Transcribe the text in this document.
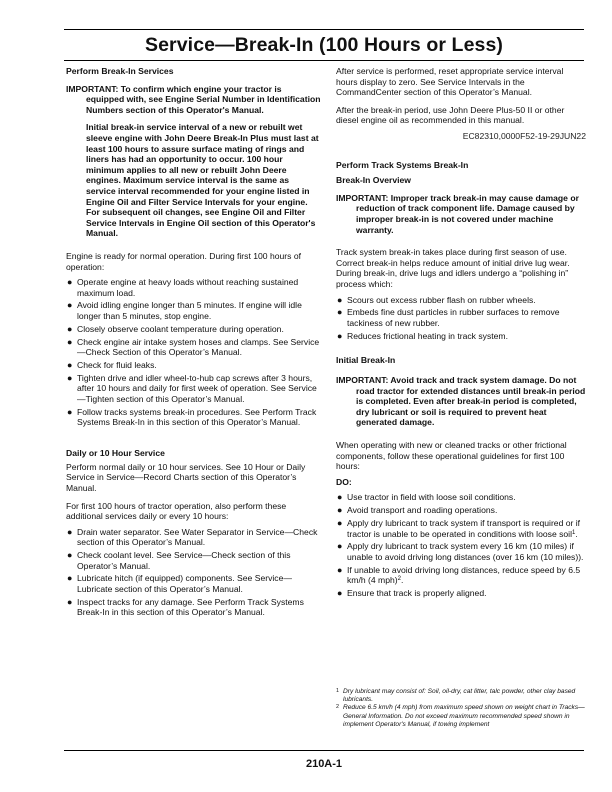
Service—Break-In (100 Hours or Less)

Perform Break-In Services

IMPORTANT: To confirm which engine your tractor is equipped with, see Engine Serial Number in Identification Numbers section of this Operator's Manual.

Initial break-in service interval of a new or rebuilt wet sleeve engine with John Deere Break-In Plus must last at least 100 hours to assure surface mating of rings and liners has had an opportunity to occur. 100 hour minimum applies to all new or rebuilt John Deere engines. Maximum service interval is the same as service interval recommended for your engine listed in Engine Oil and Filter Service Intervals for your engine. For subsequent oil changes, see Engine Oil and Filter Service Intervals in Engine Oil section of this Operator's Manual.

Engine is ready for normal operation. During first 100 hours of operation:

● Operate engine at heavy loads without reaching sustained maximum load.
● Avoid idling engine longer than 5 minutes. If engine will idle longer than 5 minutes, stop engine.
● Closely observe coolant temperature during operation.
● Check engine air intake system hoses and clamps. See Service—Check Section of this Operator’s Manual.
● Check for fluid leaks.
● Tighten drive and idler wheel-to-hub cap screws after 3 hours, after 10 hours and daily for first week of operation. See Service—Tighten section of this Operator’s Manual.
● Follow tracks systems break-in procedures. See Perform Track Systems Break-In in this section of this Operator’s Manual.

Daily or 10 Hour Service

Perform normal daily or 10 hour services. See 10 Hour or Daily Service in Service—Record Charts section of this Operator’s Manual.

For first 100 hours of tractor operation, also perform these additional services daily or every 10 hours:

● Drain water separator. See Water Separator in Service—Check section of this Operator’s Manual.
● Check coolant level. See Service—Check section of this Operator’s Manual.
● Lubricate hitch (if equipped) components. See Service—Lubricate section of this Operator’s Manual.
● Inspect tracks for any damage. See Perform Track Systems Break-In in this section of this Operator’s Manual.

After service is performed, reset appropriate service interval hours display to zero. See Service Intervals in the CommandCenter section of this Operator’s Manual.

After the break-in period, use John Deere Plus-50 II or other diesel engine oil as recommended in this manual.

EC82310,0000F52-19-29JUN22

Perform Track Systems Break-In

Break-In Overview

IMPORTANT: Improper track break-in may cause damage or reduction of track component life. Damage caused by improper break-in is not covered under machine warranty.

Track system break-in takes place during first season of use. Correct break-in helps reduce amount of initial drive lug wear. During break-in, drive lugs and idlers undergo a “polishing in” process which:

● Scours out excess rubber flash on rubber wheels.
● Embeds fine dust particles in rubber surfaces to remove tackiness of new rubber.
● Reduces frictional heating in track system.

Initial Break-In

IMPORTANT: Avoid track and track system damage. Do not road tractor for extended distances until break-in period is completed. Even after break-in period is completed, dry lubricant or soil is required to prevent heat generated damage.

When operating with new or cleaned tracks or other frictional components, follow these operational guidelines for first 100 hours:

DO:

● Use tractor in field with loose soil conditions.
● Avoid transport and roading operations.
● Apply dry lubricant to track system if transport is required or if tractor is unable to be operated in conditions with loose soil$^1$.
● Apply dry lubricant to track system every 16 km (10 miles) if unable to avoid driving long distances (over 16 km (10 miles)).
● If unable to avoid driving long distances, reduce speed by 6.5 km/h (4 mph)$^2$.
● Ensure that track is properly aligned.

1 Dry lubricant may consist of: Soil, oil-dry, cat litter, talc powder, other clay based lubricants.

2 Reduce 6.5 km/h (4 mph) from maximum speed shown on weight chart in Tracks—General Information. Do not exceed maximum recommended speed shown in implement Operator's Manual, if towing implement

210A-1
